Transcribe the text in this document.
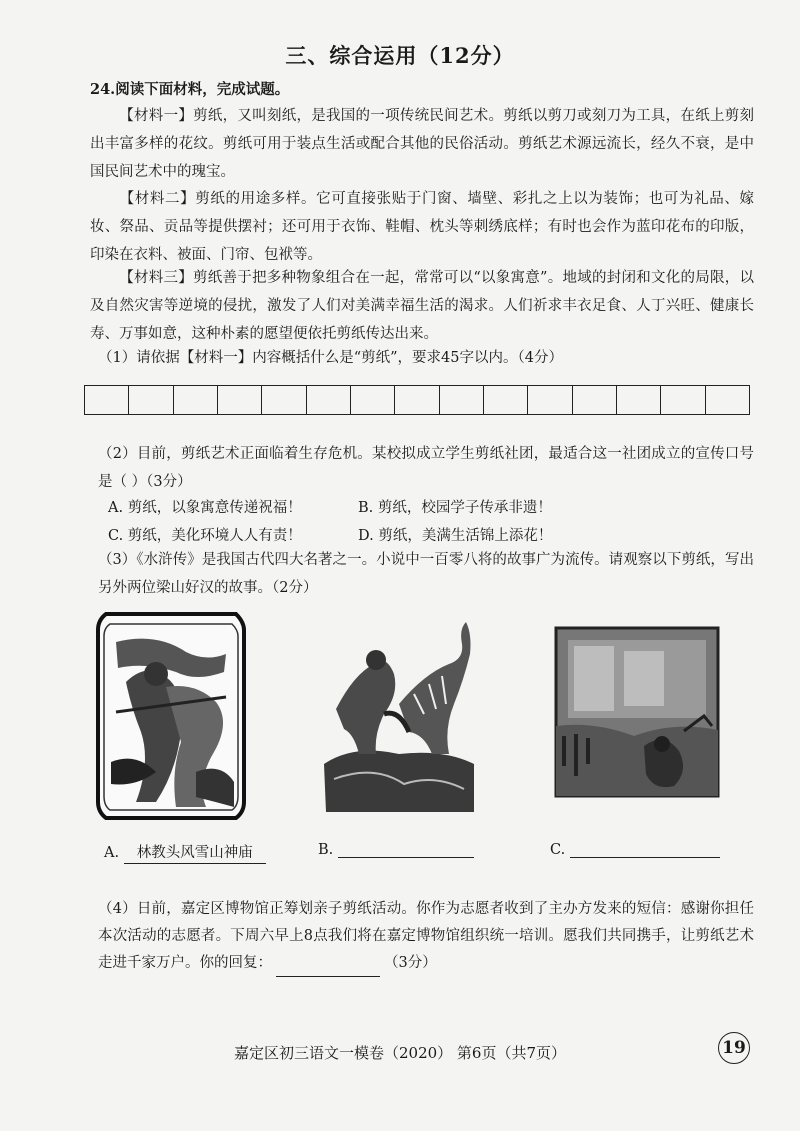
三、综合运用（12分）
24.阅读下面材料，完成试题。
【材料一】剪纸，又叫刻纸，是我国的一项传统民间艺术。剪纸以剪刀或刻刀为工具，在纸上剪刻出丰富多样的花纹。剪纸可用于装点生活或配合其他的民俗活动。剪纸艺术源远流长，经久不衰，是中国民间艺术中的瑰宝。
【材料二】剪纸的用途多样。它可直接张贴于门窗、墙壁、彩扎之上以为装饰；也可为礼品、嫁妆、祭品、贡品等提供摆衬；还可用于衣饰、鞋帽、枕头等刺绣底样；有时也会作为蓝印花布的印版，印染在衣料、被面、门帘、包袱等。
【材料三】剪纸善于把多种物象组合在一起，常常可以“以象寓意”。地域的封闭和文化的局限，以及自然灾害等逆境的侵扰，激发了人们对美满幸福生活的渴求。人们祈求丰衣足食、人丁兴旺、健康长寿、万事如意，这种朴素的愿望便依托剪纸传达出来。
（1）请依据【材料一】内容概括什么是“剪纸”，要求45字以内。（4分）
（2）目前，剪纸艺术正面临着生存危机。某校拟成立学生剪纸社团，最适合这一社团成立的宣传口号是（ ）（3分）
A. 剪纸，以象寓意传递祝福！	B. 剪纸，校园学子传承非遗！
C. 剪纸，美化环境人人有责！	D. 剪纸，美满生活锦上添花！
（3）《水浒传》是我国古代四大名著之一。小说中一百零八将的故事广为流传。请观察以下剪纸，写出另外两位梁山好汉的故事。（2分）
A. 林教头风雪山神庙	B.	C.
（4）日前，嘉定区博物馆正筹划亲子剪纸活动。你作为志愿者收到了主办方发来的短信：感谢你担任本次活动的志愿者。下周六早上8点我们将在嘉定博物馆组织统一培训。愿我们共同携手，让剪纸艺术走进千家万户。你的回复：	（3分）
嘉定区初三语文一模卷（2020） 第6页（共7页）	19
